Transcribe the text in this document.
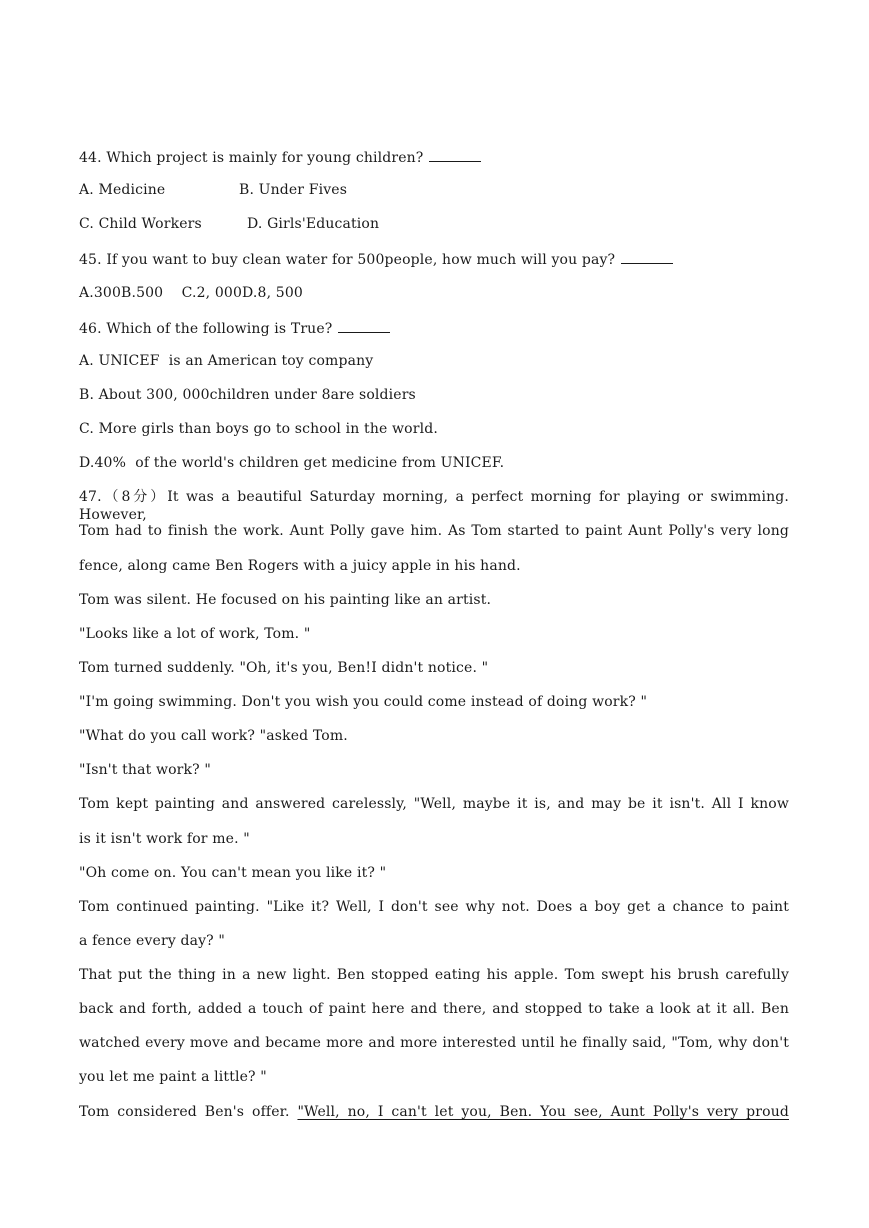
44. Which project is mainly for young children?
A. Medicine	B. Under Fives
C. Child Workers	D. Girls'Education
45. If you want to buy clean water for 500people, how much will you pay?
A.300B.500    C.2, 000D.8, 500
46. Which of the following is True?
A. UNICEF  is an American toy company
B. About 300, 000children under 8are soldiers
C. More girls than boys go to school in the world.
D.40%  of the world's children get medicine from UNICEF.
47.（8分）It was a beautiful Saturday morning, a perfect morning for playing or swimming. However,
Tom had to finish the work. Aunt Polly gave him. As Tom started to paint Aunt Polly's very long
fence, along came Ben Rogers with a juicy apple in his hand.
Tom was silent. He focused on his painting like an artist.
"Looks like a lot of work, Tom. "
Tom turned suddenly. "Oh, it's you, Ben!I didn't notice. "
"I'm going swimming. Don't you wish you could come instead of doing work? "
"What do you call work? "asked Tom.
"Isn't that work? "
Tom kept painting and answered carelessly, "Well, maybe it is, and may be it isn't. All I know
is it isn't work for me. "
"Oh come on. You can't mean you like it? "
Tom continued painting. "Like it? Well, I don't see why not. Does a boy get a chance to paint
a fence every day? "
That put the thing in a new light. Ben stopped eating his apple. Tom swept his brush carefully
back and forth, added a touch of paint here and there, and stopped to take a look at it all. Ben
watched every move and became more and more interested until he finally said, "Tom, why don't
you let me paint a little? "
Tom considered Ben's offer. "Well, no, I can't let you, Ben. You see, Aunt Polly's very proud
